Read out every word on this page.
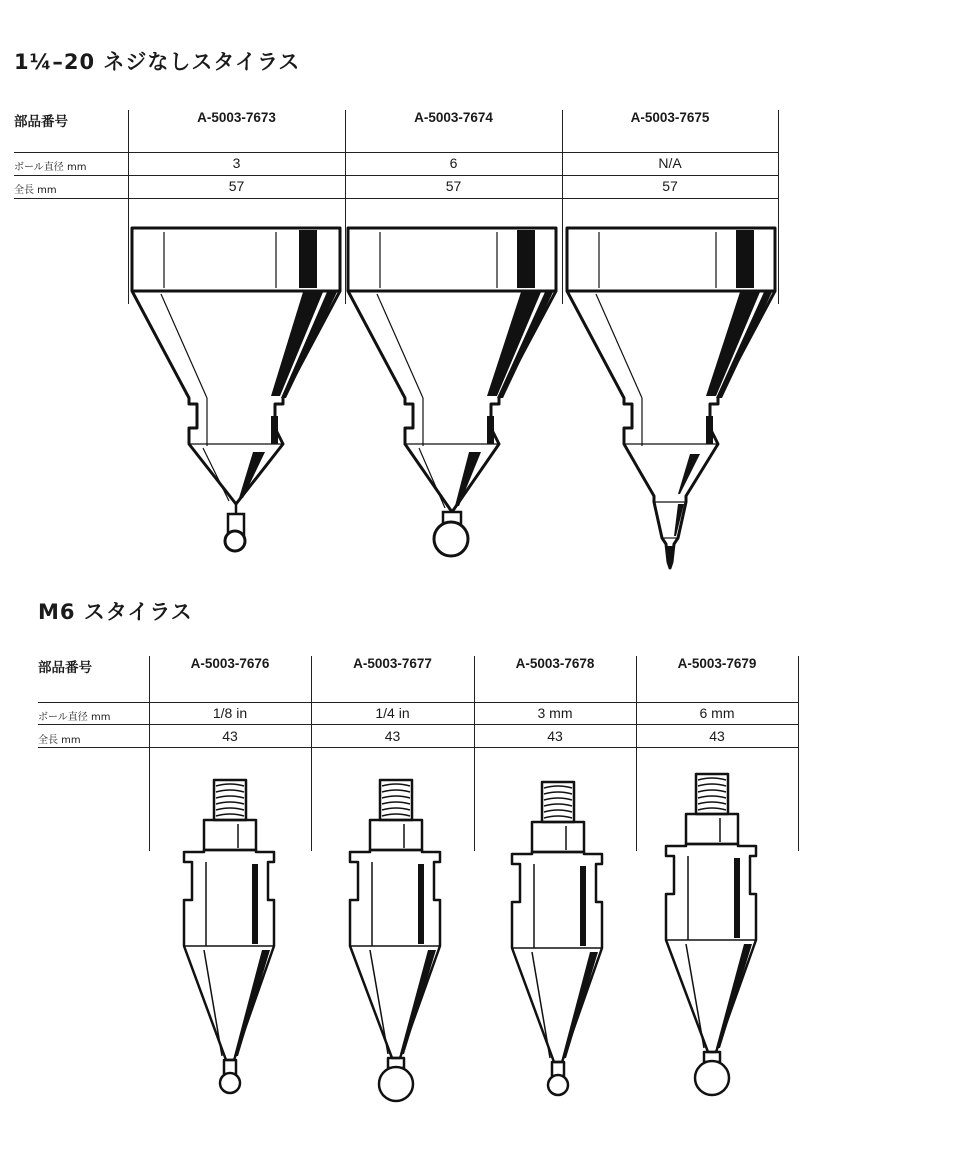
1¼–20 ネジなしスタイラス
部品番号	A-5003-7673	A-5003-7674	A-5003-7675
ボール直径 mm	3	6	N/A
全長 mm	57	57	57
M6 スタイラス
部品番号	A-5003-7676	A-5003-7677	A-5003-7678	A-5003-7679
ボール直径 mm	1/8 in	1/4 in	3 mm	6 mm
全長 mm	43	43	43	43
